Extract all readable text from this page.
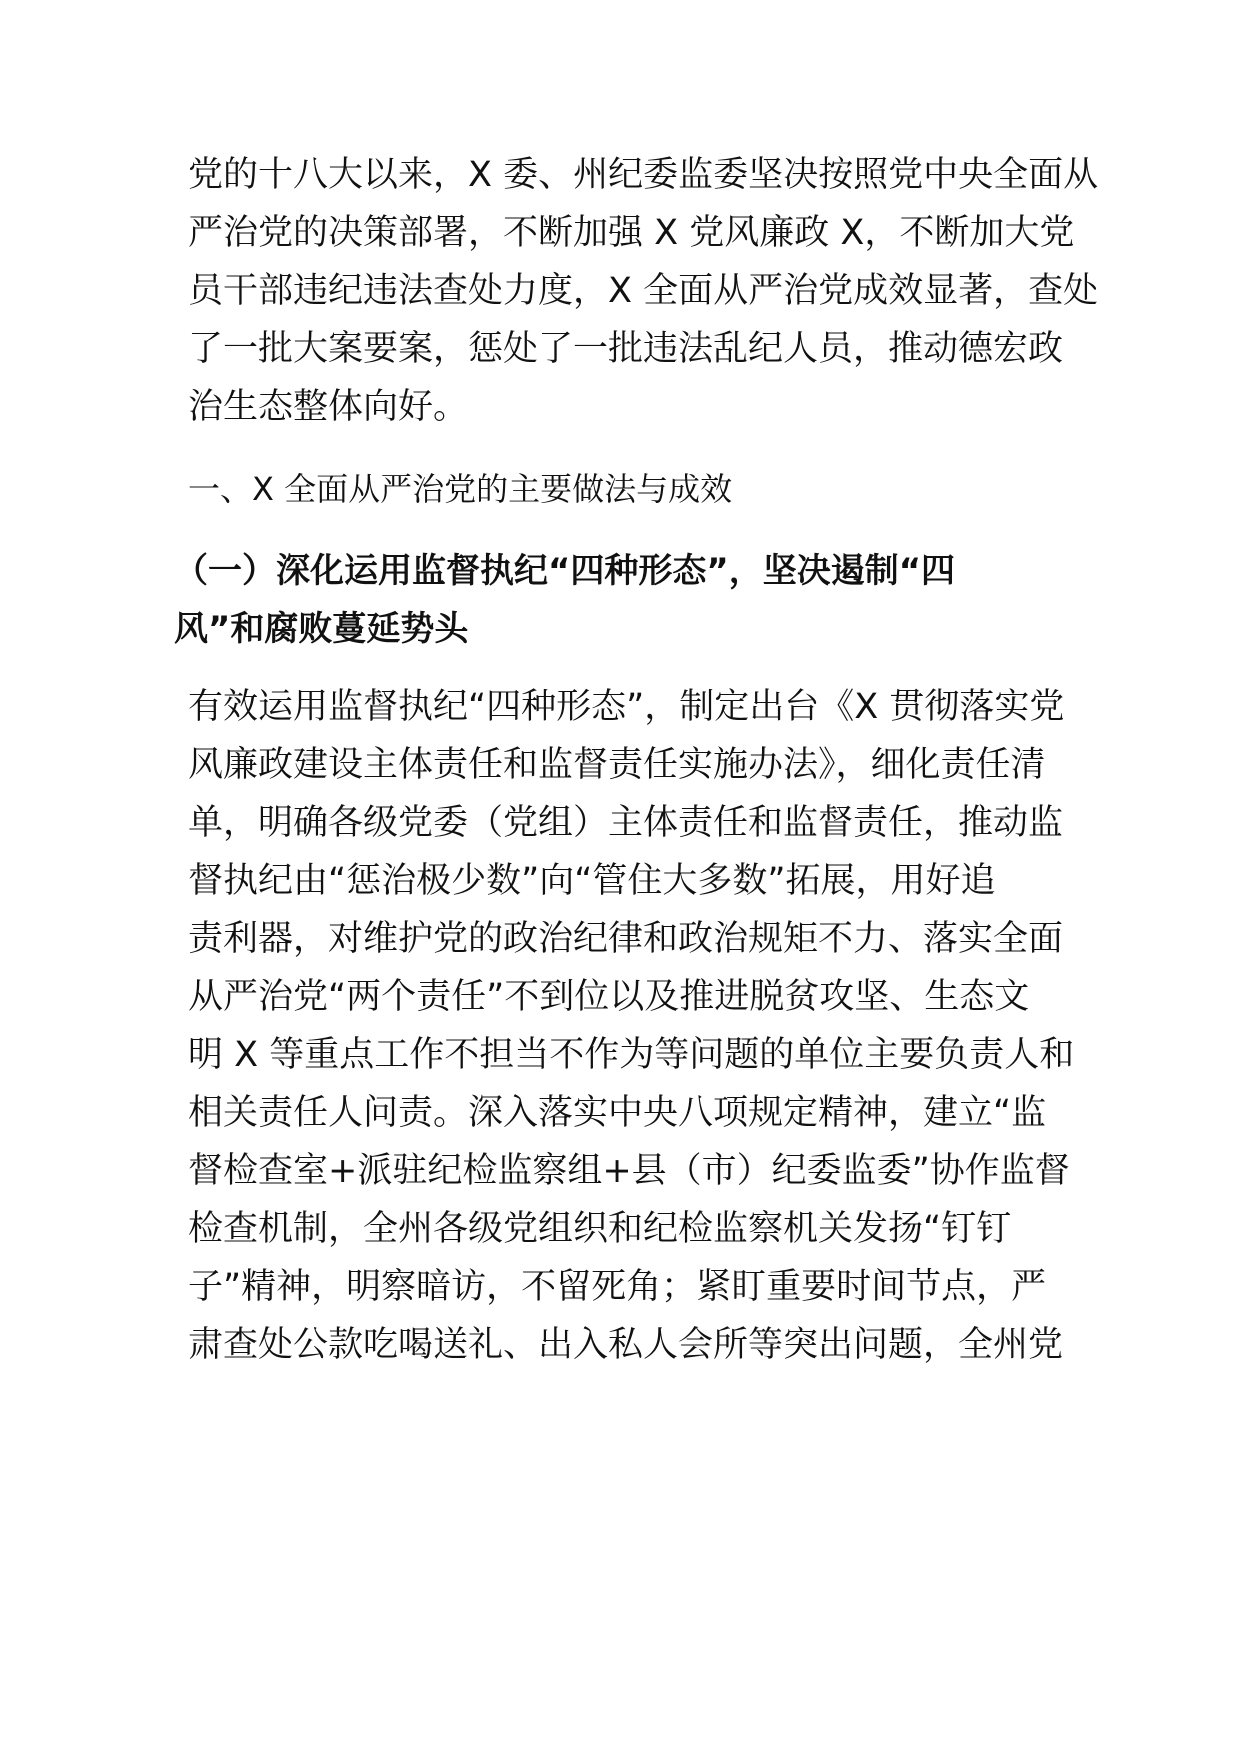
党的十八大以来，X 委、州纪委监委坚决按照党中央全面从
严治党的决策部署，不断加强 X 党风廉政 X，不断加大党
员干部违纪违法查处力度，X 全面从严治党成效显著，查处
了一批大案要案，惩处了一批违法乱纪人员，推动德宏政
治生态整体向好。
一、X 全面从严治党的主要做法与成效
（一）深化运用监督执纪“四种形态”，坚决遏制“四
风”和腐败蔓延势头
有效运用监督执纪“四种形态”，制定出台《X 贯彻落实党
风廉政建设主体责任和监督责任实施办法》，细化责任清
单，明确各级党委（党组）主体责任和监督责任，推动监
督执纪由“惩治极少数”向“管住大多数”拓展，用好追
责利器，对维护党的政治纪律和政治规矩不力、落实全面
从严治党“两个责任”不到位以及推进脱贫攻坚、生态文
明 X 等重点工作不担当不作为等问题的单位主要负责人和
相关责任人问责。深入落实中央八项规定精神，建立“监
督检查室+派驻纪检监察组+县（市）纪委监委”协作监督
检查机制，全州各级党组织和纪检监察机关发扬“钉钉
子”精神，明察暗访，不留死角；紧盯重要时间节点，严
肃查处公款吃喝送礼、出入私人会所等突出问题，全州党
